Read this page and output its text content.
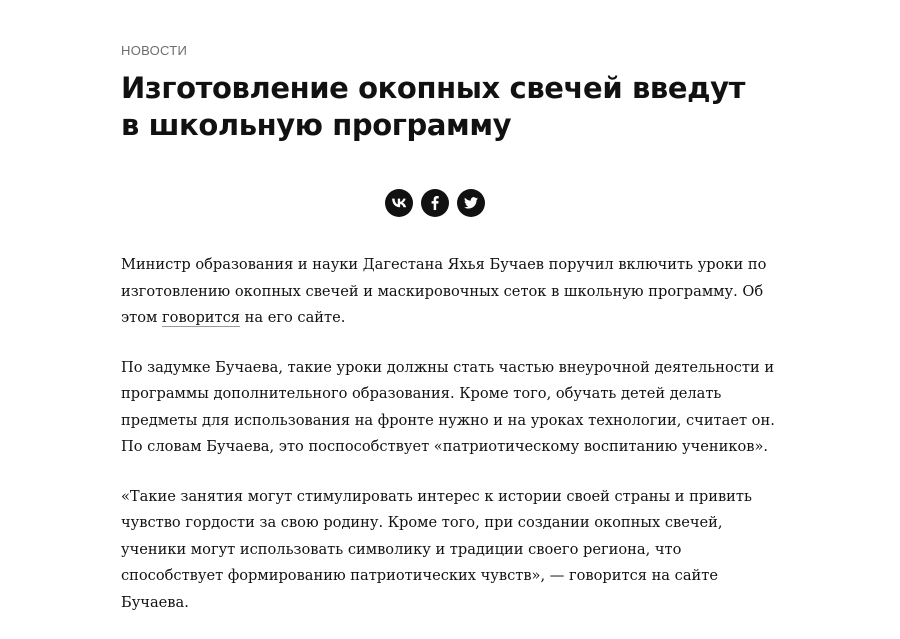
НОВОСТИ
Изготовление окопных свечей введут в школьную программу

Министр образования и науки Дагестана Яхья Бучаев поручил включить уроки по изготовлению окопных свечей и маскировочных сеток в школьную программу. Об этом говорится на его сайте.

По задумке Бучаева, такие уроки должны стать частью внеурочной деятельности и программы дополнительного образования. Кроме того, обучать детей делать предметы для использования на фронте нужно и на уроках технологии, считает он. По словам Бучаева, это поспособствует «патриотическому воспитанию учеников».

«Такие занятия могут стимулировать интерес к истории своей страны и привить чувство гордости за свою родину. Кроме того, при создании окопных свечей, ученики могут использовать символику и традиции своего региона, что способствует формированию патриотических чувств», — говорится на сайте Бучаева.
